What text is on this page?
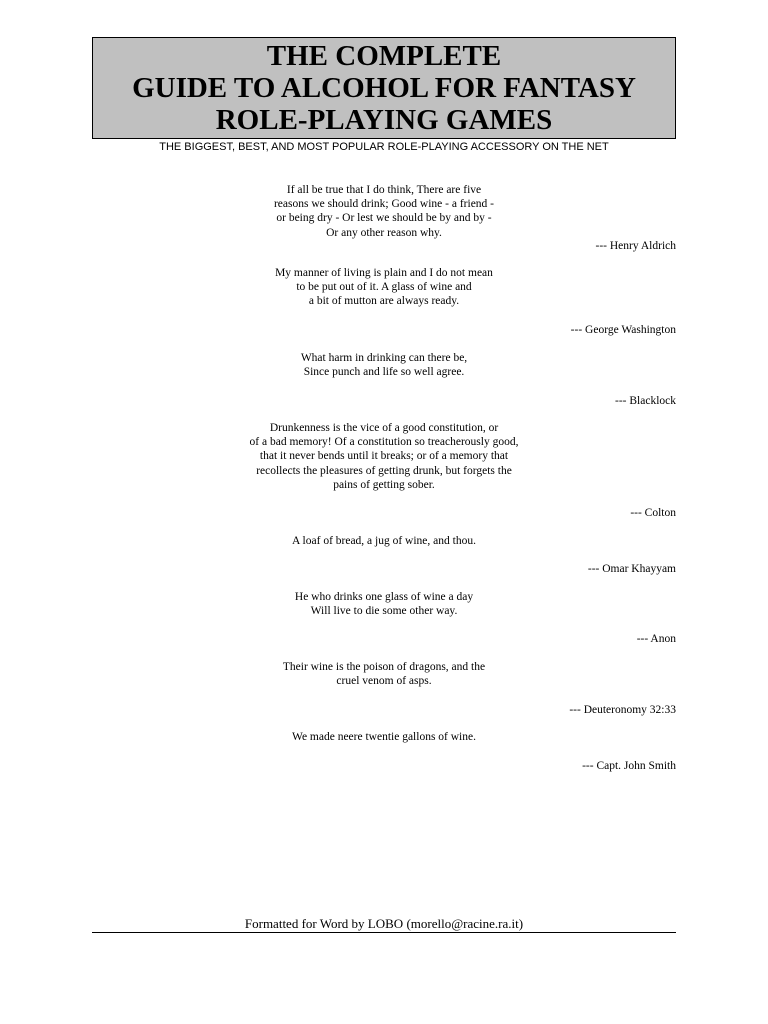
THE COMPLETE
GUIDE TO ALCOHOL FOR FANTASY
ROLE-PLAYING GAMES
THE BIGGEST, BEST, AND MOST POPULAR ROLE-PLAYING ACCESSORY ON THE NET
If all be true that I do think, There are five
reasons we should drink; Good wine - a friend -
or being dry - Or lest we should be by and by -
Or any other reason why.
--- Henry Aldrich
My manner of living is plain and I do not mean
to be put out of it. A glass of wine and
a bit of mutton are always ready.
--- George Washington
What harm in drinking can there be,
Since punch and life so well agree.
--- Blacklock
Drunkenness is the vice of a good constitution, or
of a bad memory! Of a constitution so treacherously good,
that it never bends until it breaks; or of a memory that
recollects the pleasures of getting drunk, but forgets the
pains of getting sober.
--- Colton
A loaf of bread, a jug of wine, and thou.
--- Omar Khayyam
He who drinks one glass of wine a day
Will live to die some other way.
--- Anon
Their wine is the poison of dragons, and the
cruel venom of asps.
--- Deuteronomy 32:33
We made neere twentie gallons of wine.
--- Capt. John Smith
Formatted for Word by LOBO (morello@racine.ra.it)
